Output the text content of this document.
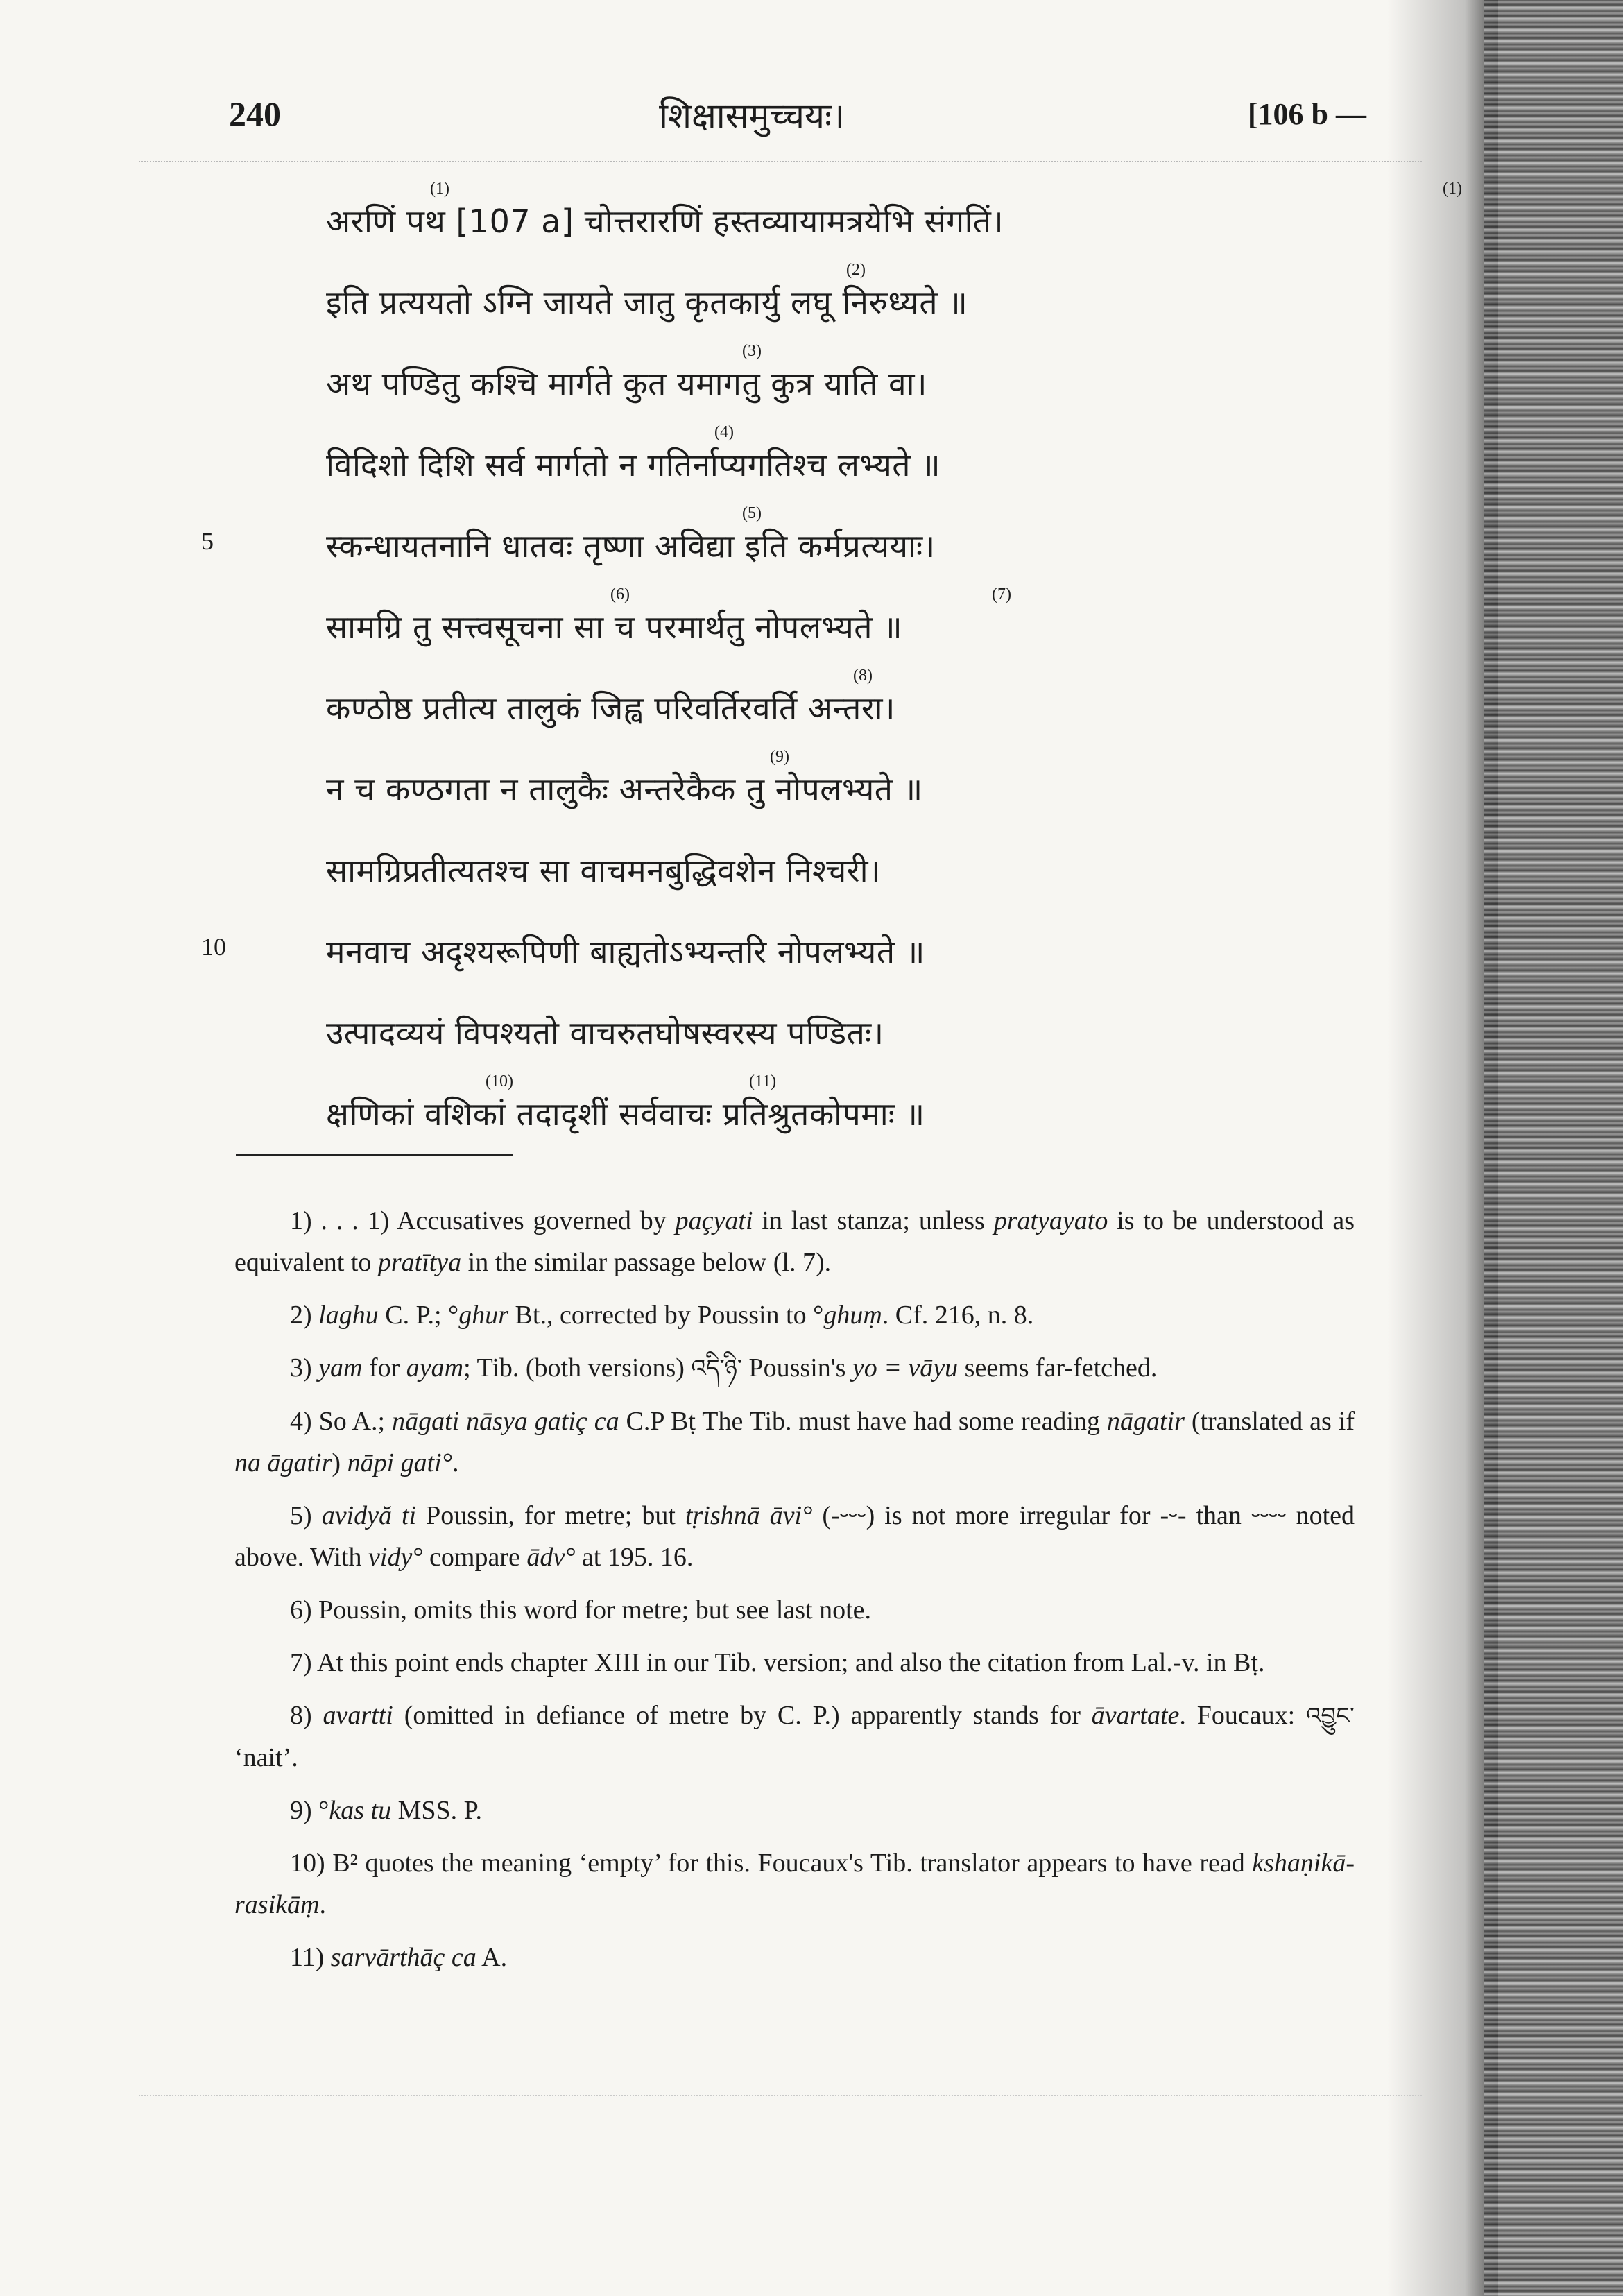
240	शिक्षासमुच्चयः।	[106 b —
अरणिं पथ [107 a] चोत्तरारणिं हस्तव्यायामत्रयेभि संगतिं।
(1)	(1)
इति प्रत्ययतो ऽग्नि जायते जातु कृतकार्यु लघू निरुध्यते ॥
(2)
अथ पण्डितु कश्चि मार्गते कुत यमागतु कुत्र याति वा।
(3)
विदिशो दिशि सर्व मार्गतो न गतिर्नाप्यगतिश्च लभ्यते ॥
(4)
5	स्कन्धायतनानि धातवः तृष्णा अविद्या इति कर्मप्रत्ययाः।
(5)
सामग्रि तु सत्त्वसूचना सा च परमार्थतु नोपलभ्यते ॥
(6)	(7)
कण्ठोष्ठ प्रतीत्य तालुकं जिह्व परिवर्तिरवर्ति अन्तरा।
(8)
न च कण्ठगता न तालुकैः अन्तरेकैक तु नोपलभ्यते ॥
(9)
सामग्रिप्रतीत्यतश्च सा वाचमनबुद्धिवशेन निश्चरी।
10	मनवाच अदृश्यरूपिणी बाह्यतोऽभ्यन्तरि नोपलभ्यते ॥
उत्पादव्ययं विपश्यतो वाचरुतघोषस्वरस्य पण्डितः।
क्षणिकां वशिकां तदादृशीं सर्ववाचः प्रतिश्रुतकोपमाः ॥
(10)	(11)

1) . . . 1) Accusatives governed by paçyati in last stanza; unless pratyayato is to be understood as equivalent to pratītya in the similar passage below (l. 7).

2) laghu C. P.; °ghur Bt., corrected by Poussin to °ghuṃ. Cf. 216, n. 8.

3) yam for ayam; Tib. (both versions) འདི་ཉི་ Poussin's yo = vāyu seems far-fetched.

4) So A.; nāgati nāsya gatiç ca C.P Bṭ The Tib. must have had some reading nāgatir (translated as if na āgatir) nāpi gati°.

5) avidyă ti Poussin, for metre; but tṛishnā āvi° (-⏑⏑⏑) is not more irregular for -⏑- than ⏑⏑⏑⏑ noted above. With vidy° compare ādv° at 195. 16.

6) Poussin, omits this word for metre; but see last note.

7) At this point ends chapter XIII in our Tib. version; and also the citation from Lal.-v. in Bṭ.

8) avartti (omitted in defiance of metre by C. P.) apparently stands for āvartate. Foucaux: འབྱུང་ ‘nait’.

9) °kas tu MSS. P.

10) B² quotes the meaning ‘empty’ for this. Foucaux's Tib. translator appears to have read kshaṇikā-rasikāṃ.

11) sarvārthāç ca A.
